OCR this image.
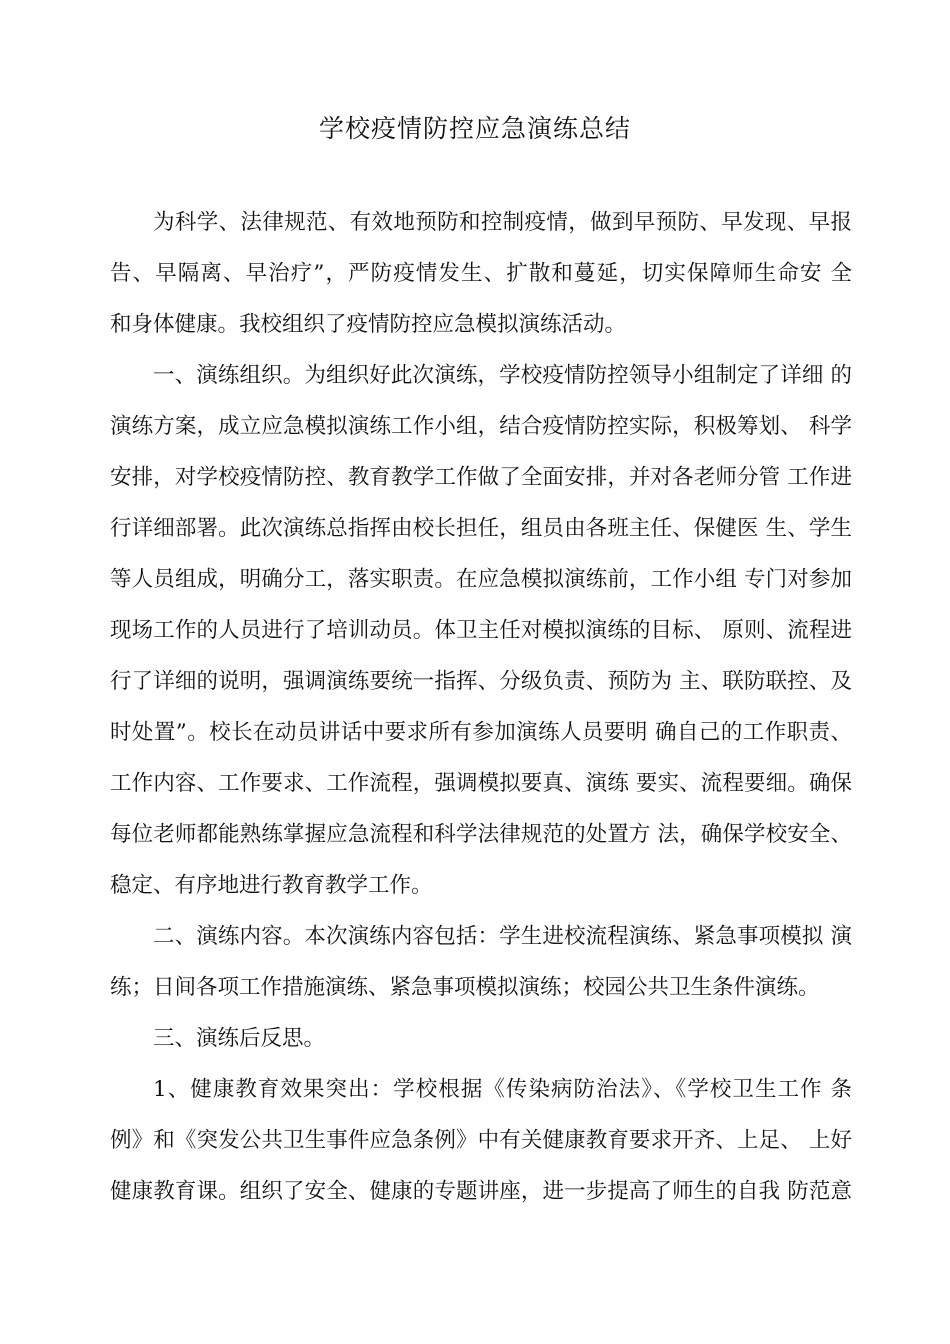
学校疫情防控应急演练总结
为科学、法律规范、有效地预防和控制疫情，做到早预防、早发现、早报
告、早隔离、早治疗”，严防疫情发生、扩散和蔓延，切实保障师生命安 全
和身体健康。我校组织了疫情防控应急模拟演练活动。
一、演练组织。为组织好此次演练，学校疫情防控领导小组制定了详细 的
演练方案，成立应急模拟演练工作小组，结合疫情防控实际，积极筹划、 科学
安排，对学校疫情防控、教育教学工作做了全面安排，并对各老师分管 工作进
行详细部署。此次演练总指挥由校长担任，组员由各班主任、保健医 生、学生
等人员组成，明确分工，落实职责。在应急模拟演练前，工作小组 专门对参加
现场工作的人员进行了培训动员。体卫主任对模拟演练的目标、 原则、流程进
行了详细的说明，强调演练要统一指挥、分级负责、预防为 主、联防联控、及
时处置”。校长在动员讲话中要求所有参加演练人员要明 确自己的工作职责、
工作内容、工作要求、工作流程，强调模拟要真、演练 要实、流程要细。确保
每位老师都能熟练掌握应急流程和科学法律规范的处置方 法，确保学校安全、
稳定、有序地进行教育教学工作。
二、演练内容。本次演练内容包括：学生进校流程演练、紧急事项模拟 演
练；日间各项工作措施演练、紧急事项模拟演练；校园公共卫生条件演练。
三、演练后反思。
1、健康教育效果突出：学校根据《传染病防治法》、《学校卫生工作 条
例》和《突发公共卫生事件应急条例》中有关健康教育要求开齐、上足、 上好
健康教育课。组织了安全、健康的专题讲座，进一步提高了师生的自我 防范意
